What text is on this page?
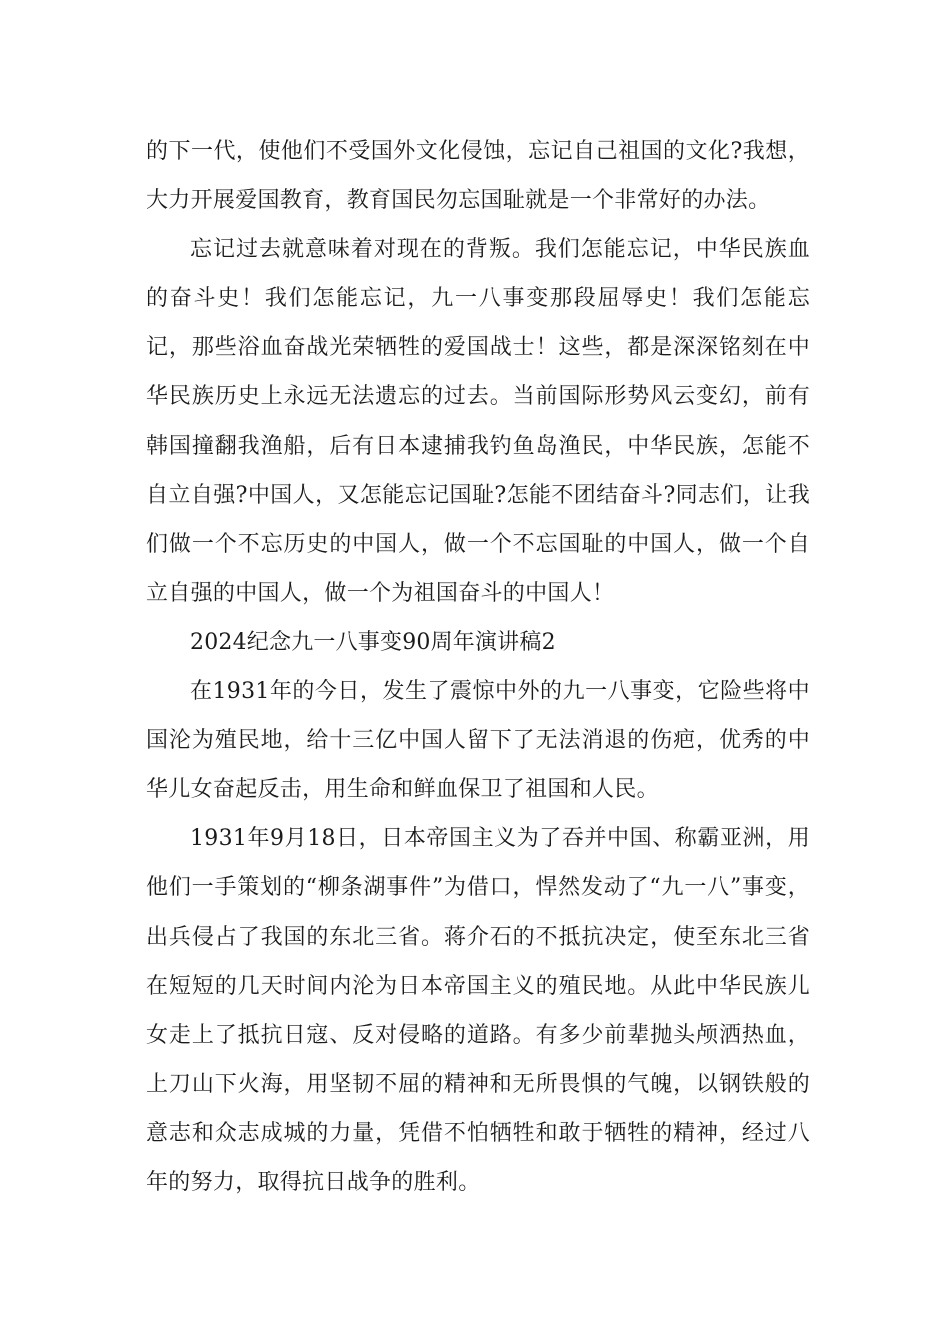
的下一代，使他们不受国外文化侵蚀，忘记自己祖国的文化?我想，大力开展爱国教育，教育国民勿忘国耻就是一个非常好的办法。

忘记过去就意味着对现在的背叛。我们怎能忘记，中华民族血的奋斗史！我们怎能忘记，九一八事变那段屈辱史！我们怎能忘记，那些浴血奋战光荣牺牲的爱国战士！这些，都是深深铭刻在中华民族历史上永远无法遗忘的过去。当前国际形势风云变幻，前有韩国撞翻我渔船，后有日本逮捕我钓鱼岛渔民，中华民族，怎能不自立自强?中国人，又怎能忘记国耻?怎能不团结奋斗?同志们，让我们做一个不忘历史的中国人，做一个不忘国耻的中国人，做一个自立自强的中国人，做一个为祖国奋斗的中国人！

2024纪念九一八事变90周年演讲稿2

在1931年的今日，发生了震惊中外的九一八事变，它险些将中国沦为殖民地，给十三亿中国人留下了无法消退的伤疤，优秀的中华儿女奋起反击，用生命和鲜血保卫了祖国和人民。

1931年9月18日，日本帝国主义为了吞并中国、称霸亚洲，用他们一手策划的“柳条湖事件”为借口，悍然发动了“九一八”事变，出兵侵占了我国的东北三省。蒋介石的不抵抗决定，使至东北三省在短短的几天时间内沦为日本帝国主义的殖民地。从此中华民族儿女走上了抵抗日寇、反对侵略的道路。有多少前辈抛头颅洒热血，上刀山下火海，用坚韧不屈的精神和无所畏惧的气魄，以钢铁般的意志和众志成城的力量，凭借不怕牺牲和敢于牺牲的精神，经过八年的努力，取得抗日战争的胜利。
